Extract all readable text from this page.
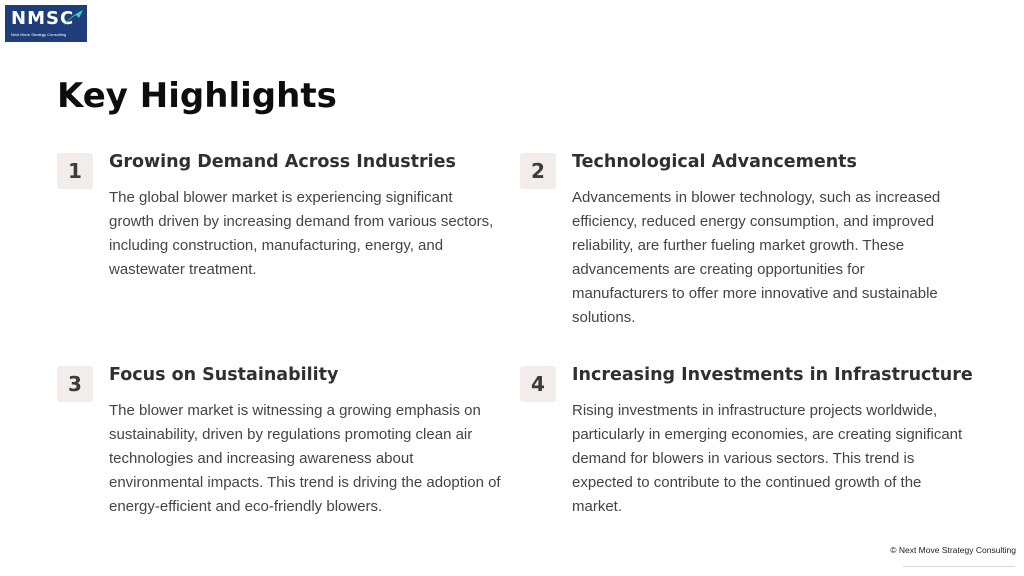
NMSC
Next Move Strategy Consulting
Key Highlights
1	Growing Demand Across Industries

The global blower market is experiencing significant growth driven by increasing demand from various sectors, including construction, manufacturing, energy, and wastewater treatment.

2	Technological Advancements

Advancements in blower technology, such as increased efficiency, reduced energy consumption, and improved reliability, are further fueling market growth. These advancements are creating opportunities for manufacturers to offer more innovative and sustainable solutions.

3	Focus on Sustainability

The blower market is witnessing a growing emphasis on sustainability, driven by regulations promoting clean air technologies and increasing awareness about environmental impacts. This trend is driving the adoption of energy-efficient and eco-friendly blowers.

4	Increasing Investments in Infrastructure

Rising investments in infrastructure projects worldwide, particularly in emerging economies, are creating significant demand for blowers in various sectors. This trend is expected to contribute to the continued growth of the market.

© Next Move Strategy Consulting
